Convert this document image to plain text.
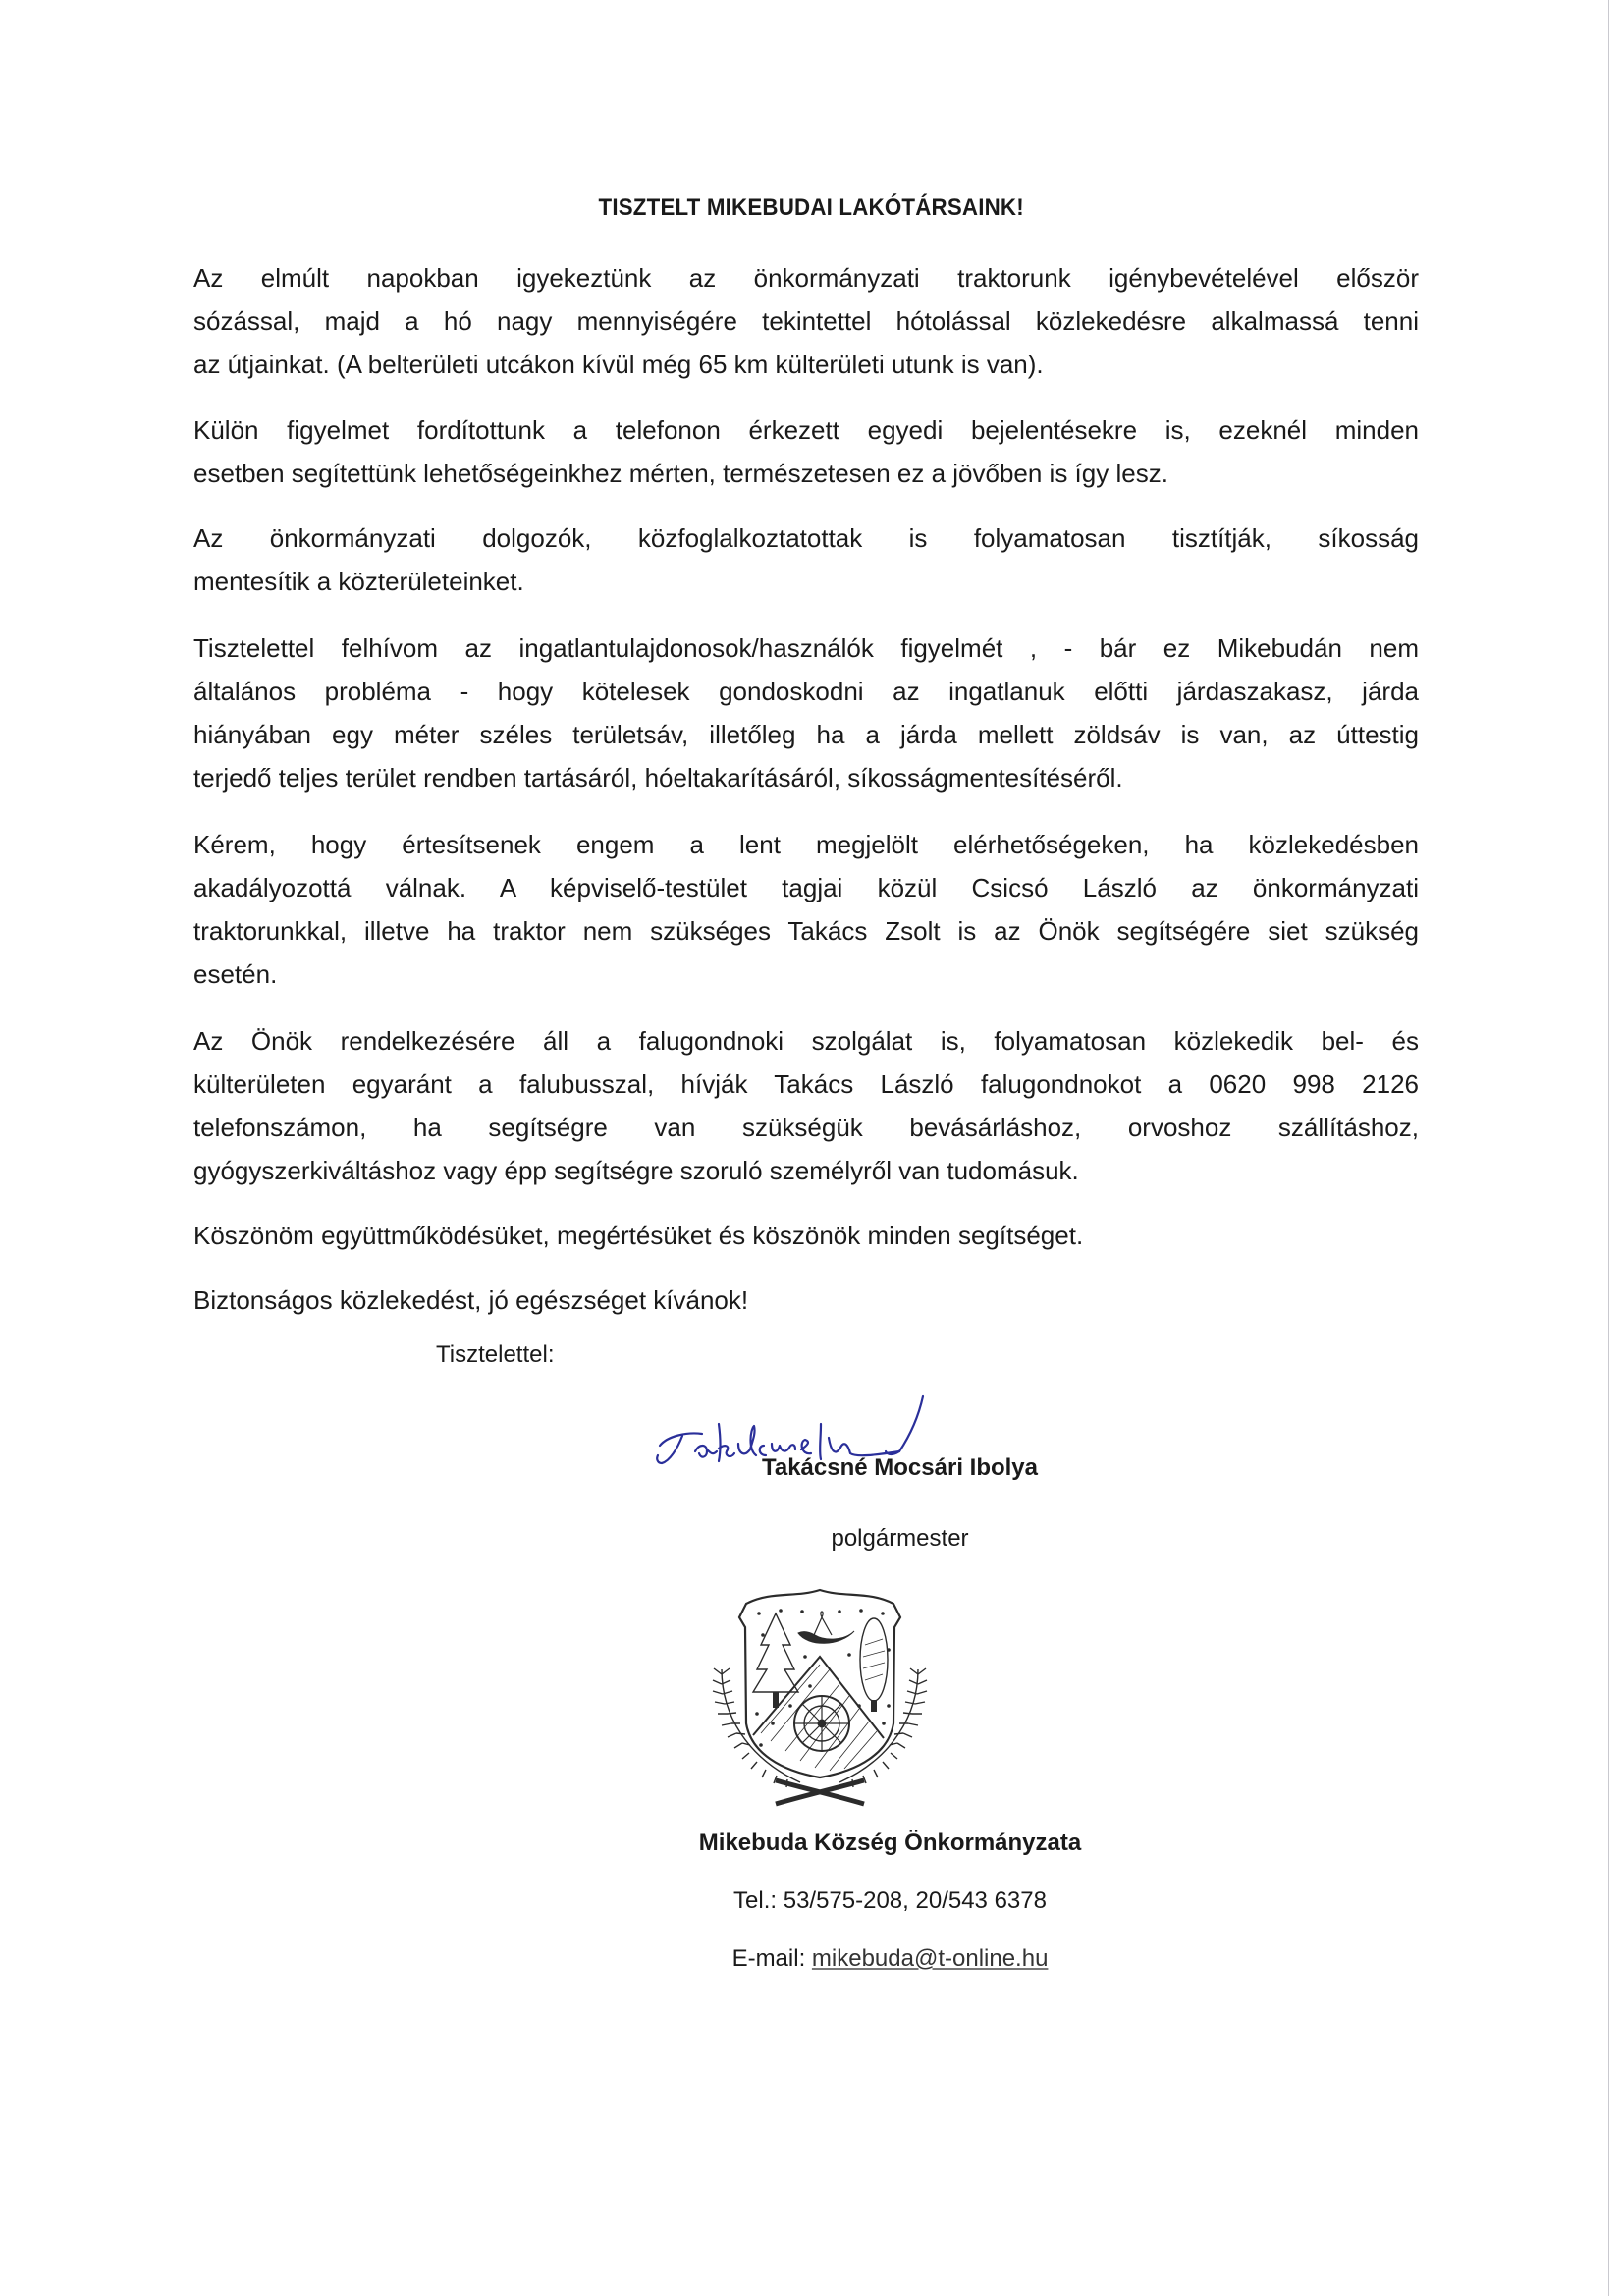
TISZTELT MIKEBUDAI LAKÓTÁRSAINK!
Az elmúlt napokban igyekeztünk az önkormányzati traktorunk igénybevételével először
sózással, majd a hó nagy mennyiségére tekintettel hótolással közlekedésre alkalmassá tenni
az útjainkat. (A belterületi utcákon kívül még 65 km külterületi utunk is van).
Külön figyelmet fordítottunk a telefonon érkezett egyedi bejelentésekre is, ezeknél minden
esetben segítettünk lehetőségeinkhez mérten, természetesen ez a jövőben is így lesz.
Az önkormányzati dolgozók, közfoglalkoztatottak is folyamatosan tisztítják, síkosság
mentesítik a közterületeinket.
Tisztelettel felhívom az ingatlantulajdonosok/használók figyelmét , - bár ez Mikebudán nem
általános probléma - hogy kötelesek gondoskodni az ingatlanuk előtti járdaszakasz, járda
hiányában egy méter széles területsáv, illetőleg ha a járda mellett zöldsáv is van, az úttestig
terjedő teljes terület rendben tartásáról, hóeltakarításáról, síkosságmentesítéséről.
Kérem, hogy értesítsenek engem a lent megjelölt elérhetőségeken, ha közlekedésben
akadályozottá válnak. A képviselő-testület tagjai közül Csicsó László az önkormányzati
traktorunkkal, illetve ha traktor nem szükséges Takács Zsolt is az Önök segítségére siet szükség
esetén.
Az Önök rendelkezésére áll a falugondnoki szolgálat is, folyamatosan közlekedik bel- és
külterületen egyaránt a falubusszal, hívják Takács László falugondnokot a 0620 998 2126
telefonszámon, ha segítségre van szükségük bevásárláshoz, orvoshoz szállításhoz,
gyógyszerkiváltáshoz vagy épp segítségre szoruló személyről van tudomásuk.
Köszönöm együttműködésüket, megértésüket és köszönök minden segítséget.
Biztonságos közlekedést, jó egészséget kívánok!
Tisztelettel:
Takácsné Mocsári Ibolya
polgármester
Mikebuda Község Önkormányzata
Tel.: 53/575-208, 20/543 6378
E-mail: mikebuda@t-online.hu
